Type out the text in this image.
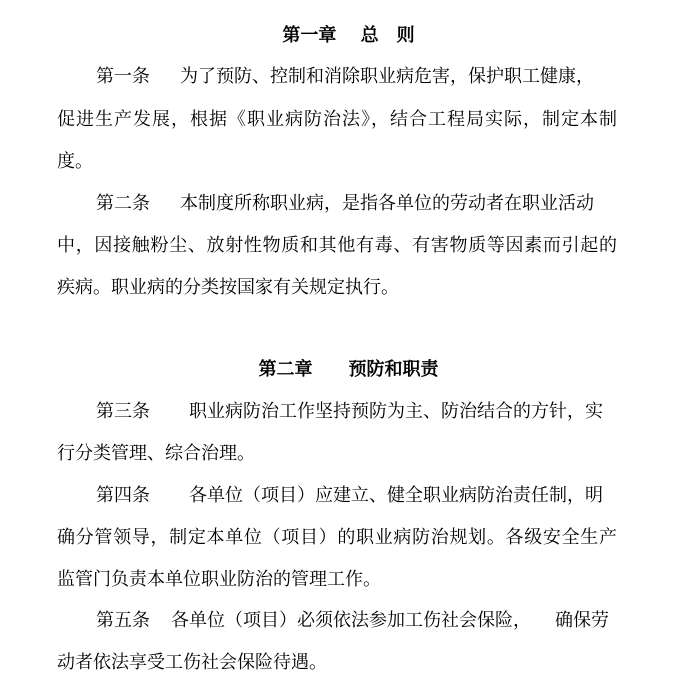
第一章　 总　则
第一条 为了预防、控制和消除职业病危害，保护职工健康，
促进生产发展，根据《职业病防治法》，结合工程局实际，制定本制
度。
第二条 本制度所称职业病，是指各单位的劳动者在职业活动
中，因接触粉尘、放射性物质和其他有毒、有害物质等因素而引起的
疾病。职业病的分类按国家有关规定执行。
第二章　　预防和职责
第三条 职业病防治工作坚持预防为主、防治结合的方针，实
行分类管理、综合治理。
第四条 各单位（项目）应建立、健全职业病防治责任制，明
确分管领导，制定本单位（项目）的职业病防治规划。各级安全生产
监管门负责本单位职业防治的管理工作。
第五条 各单位（项目）必须依法参加工伤社会保险， 确保劳
动者依法享受工伤社会保险待遇。
